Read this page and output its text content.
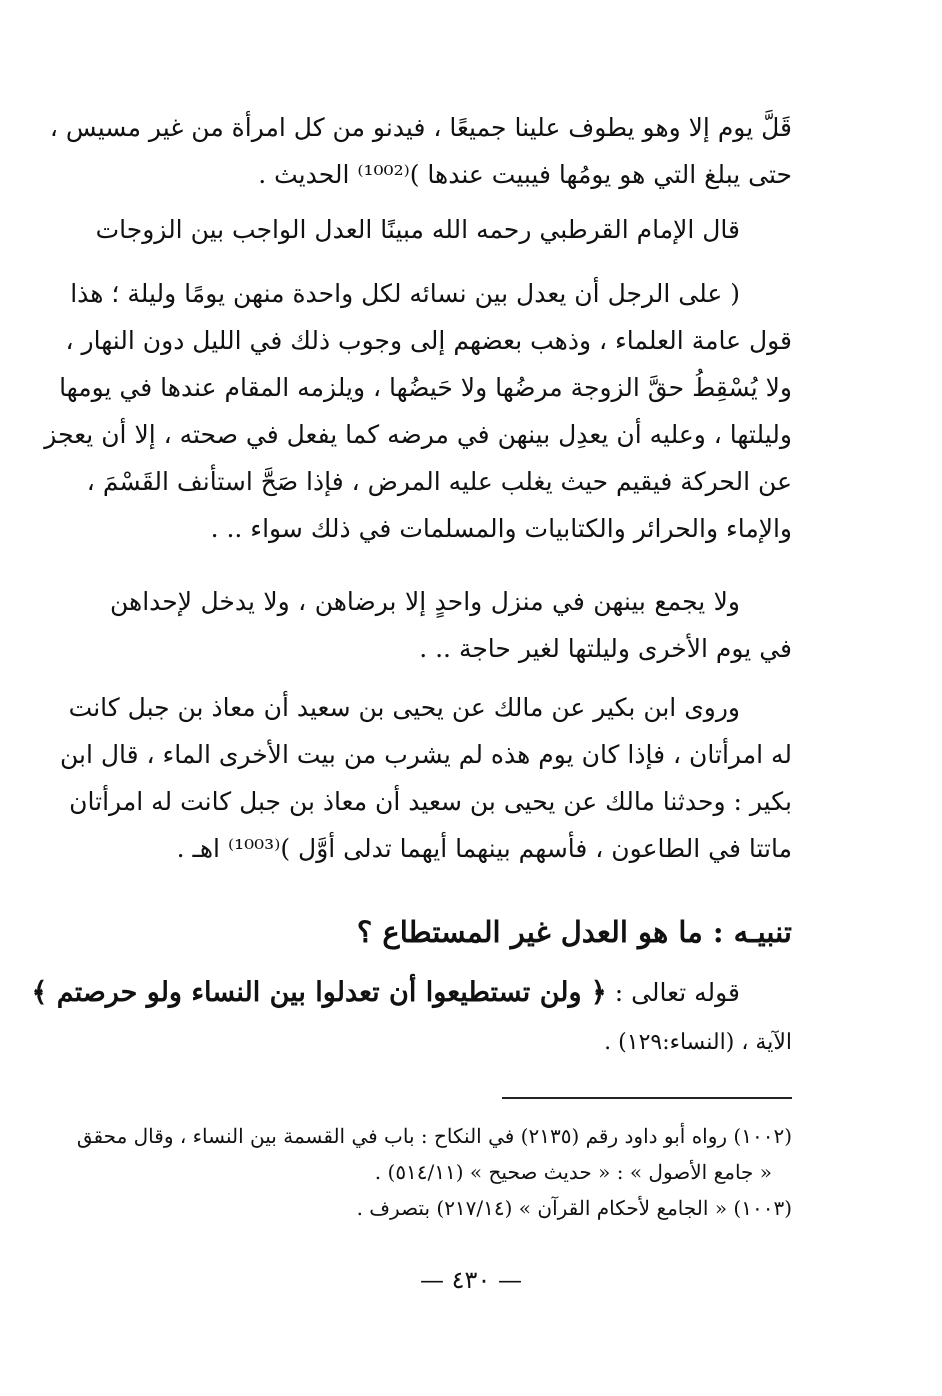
قَلَّ يوم إلا وهو يطوف علينا جميعًا ، فيدنو من كل امرأة من غير مسيس ،
حتى يبلغ التي هو يومُها فيبيت عندها )⁽¹⁰⁰²⁾ الحديث .
قال الإمام القرطبي رحمه الله مبينًا العدل الواجب بين الزوجات
( على الرجل أن يعدل بين نسائه لكل واحدة منهن يومًا وليلة ؛ هذا
قول عامة العلماء ، وذهب بعضهم إلى وجوب ذلك في الليل دون النهار ،
ولا يُسْقِطُ حقَّ الزوجة مرضُها ولا حَيضُها ، ويلزمه المقام عندها في يومها
وليلتها ، وعليه أن يعدِل بينهن في مرضه كما يفعل في صحته ، إلا أن يعجز
عن الحركة فيقيم حيث يغلب عليه المرض ، فإذا صَحَّ استأنف القَسْمَ ،
والإماء والحرائر والكتابيات والمسلمات في ذلك سواء .. .
ولا يجمع بينهن في منزل واحدٍ إلا برضاهن ، ولا يدخل لإحداهن
في يوم الأخرى وليلتها لغير حاجة .. .
وروى ابن بكير عن مالك عن يحيى بن سعيد أن معاذ بن جبل كانت
له امرأتان ، فإذا كان يوم هذه لم يشرب من بيت الأخرى الماء ، قال ابن
بكير : وحدثنا مالك عن يحيى بن سعيد أن معاذ بن جبل كانت له امرأتان
ماتتا في الطاعون ، فأسهم بينهما أيهما تدلى أوَّل )⁽¹⁰⁰³⁾ اهـ .
تنبيـه : ما هو العدل غير المستطاع ؟
قوله تعالى : ﴿ ولن تستطيعوا أن تعدلوا بين النساء ولو حرصتم ﴾
الآية ، (النساء:١٢٩) .
(١٠٠٢) رواه أبو داود رقم (٢١٣٥) في النكاح : باب في القسمة بين النساء ، وقال محقق
« جامع الأصول » : « حديث صحيح » (٥١٤/١١) .
(١٠٠٣) « الجامع لأحكام القرآن » (٢١٧/١٤) بتصرف .
— ٤٣٠ —
